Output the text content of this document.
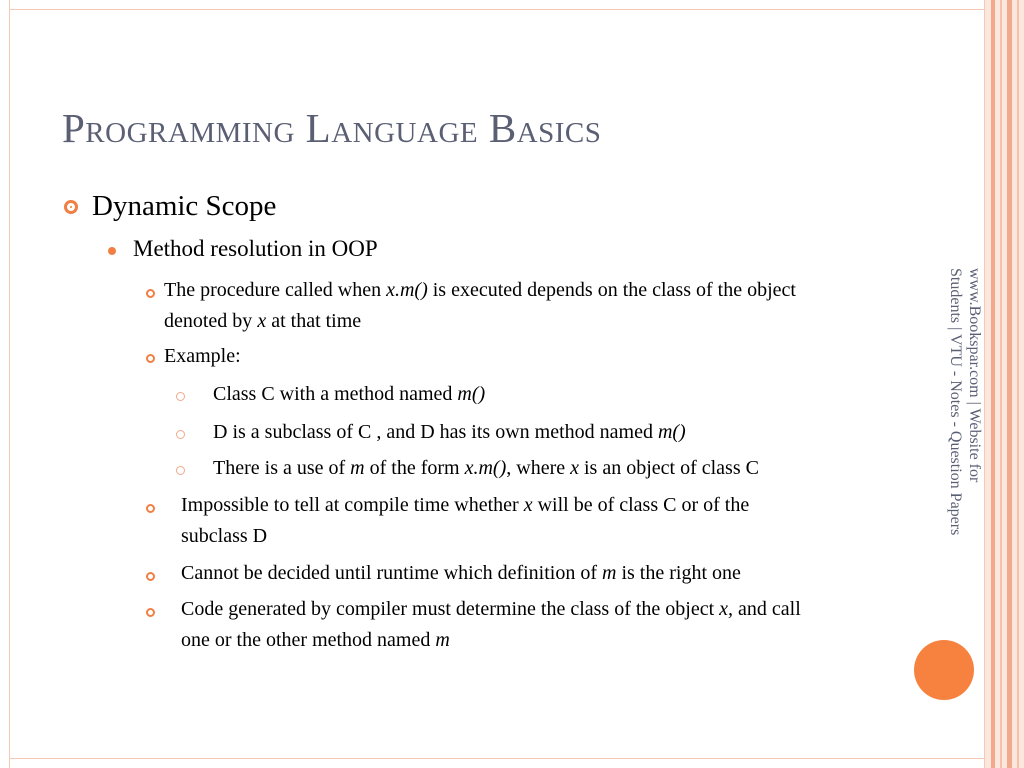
Programming Language Basics
Dynamic Scope
Method resolution in OOP
The procedure called when x.m() is executed depends on the class of the object
denoted by x at that time
Example:
Class C with a method named m()
D is a subclass of C , and D has its own method named m()
There is a use of m of the form x.m(), where x is an object of class C
Impossible to tell at compile time whether x will be of class C or of the
subclass D
Cannot be decided until runtime which definition of m is the right one
Code generated by compiler must determine the class of the object x, and call
one or the other method named m
www.Bookspar.com | Website for
Students | VTU - Notes - Question Papers
